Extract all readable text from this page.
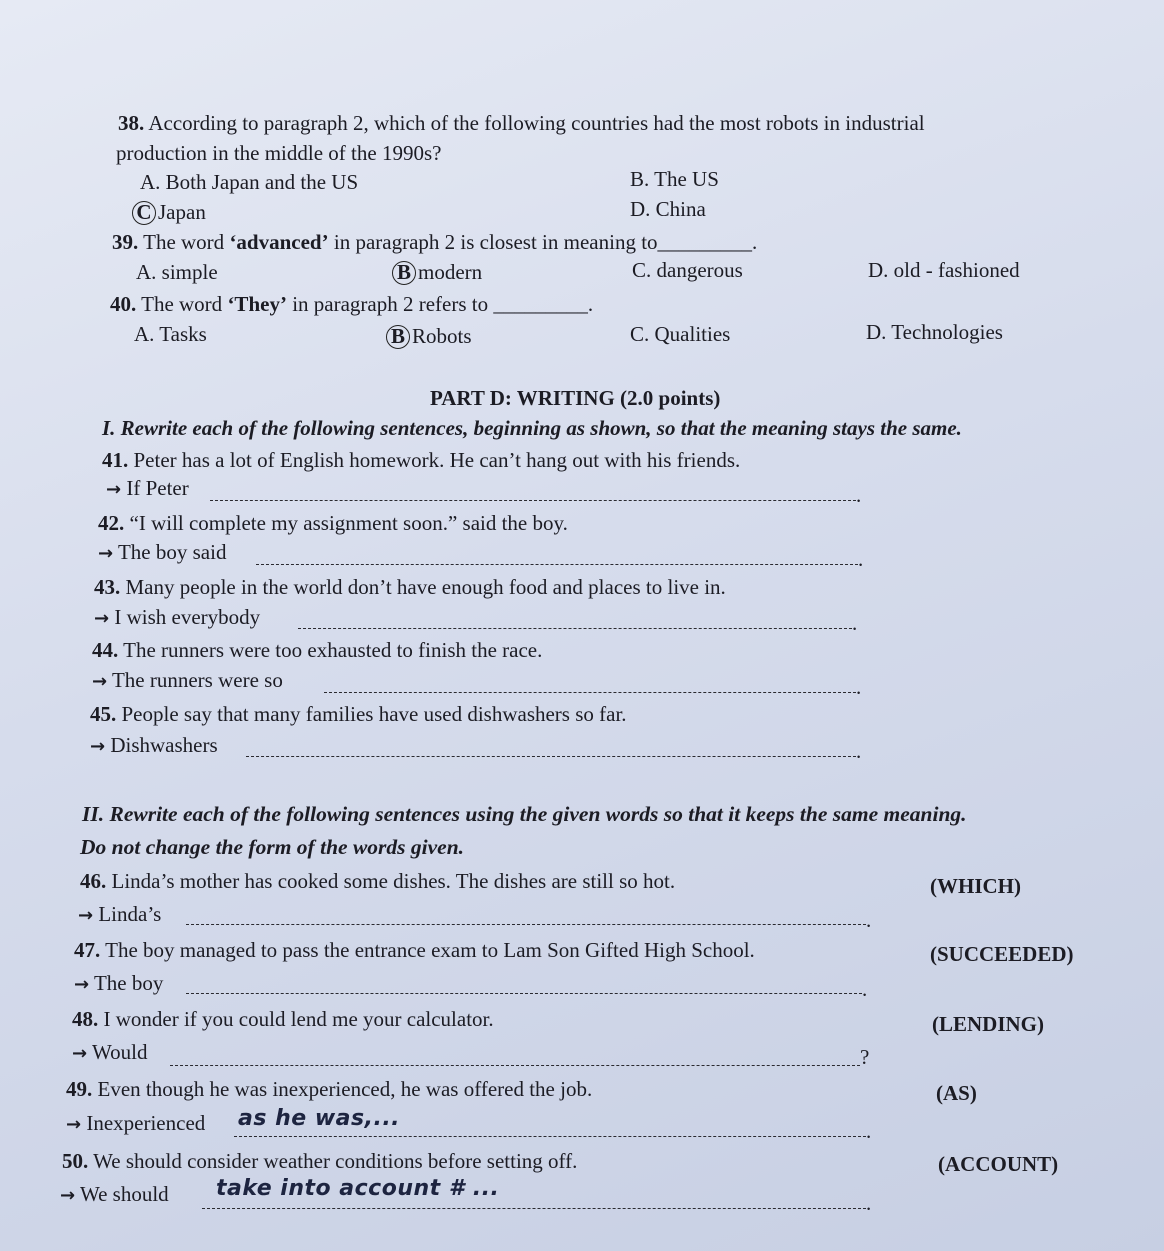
38. According to paragraph 2, which of the following countries had the most robots in industrial
production in the middle of the 1990s?
A. Both Japan and the US	B. The US
C Japan	D. China
39. The word ‘advanced’ in paragraph 2 is closest in meaning to_________.
A. simple	B modern	C. dangerous	D. old - fashioned
40. The word ‘They’ in paragraph 2 refers to _________.
A. Tasks	B Robots	C. Qualities	D. Technologies
PART D: WRITING (2.0 points)
I. Rewrite each of the following sentences, beginning as shown, so that the meaning stays the same.
41. Peter has a lot of English homework. He can’t hang out with his friends.
→ If Peter	.
42. “I will complete my assignment soon.” said the boy.
→ The boy said	.
43. Many people in the world don’t have enough food and places to live in.
→ I wish everybody	.
44. The runners were too exhausted to finish the race.
→ The runners were so	.
45. People say that many families have used dishwashers so far.
→ Dishwashers	.
II. Rewrite each of the following sentences using the given words so that it keeps the same meaning.
Do not change the form of the words given.
46. Linda’s mother has cooked some dishes. The dishes are still so hot.	(WHICH)
→ Linda’s	.
47. The boy managed to pass the entrance exam to Lam Son Gifted High School.	(SUCCEEDED)
→ The boy	.
48. I wonder if you could lend me your calculator.	(LENDING)
→ Would	?
49. Even though he was inexperienced, he was offered the job.	(AS)
→ Inexperienced as he was,...	.
50. We should consider weather conditions before setting off.	(ACCOUNT)
→ We should take into account # ...
.
